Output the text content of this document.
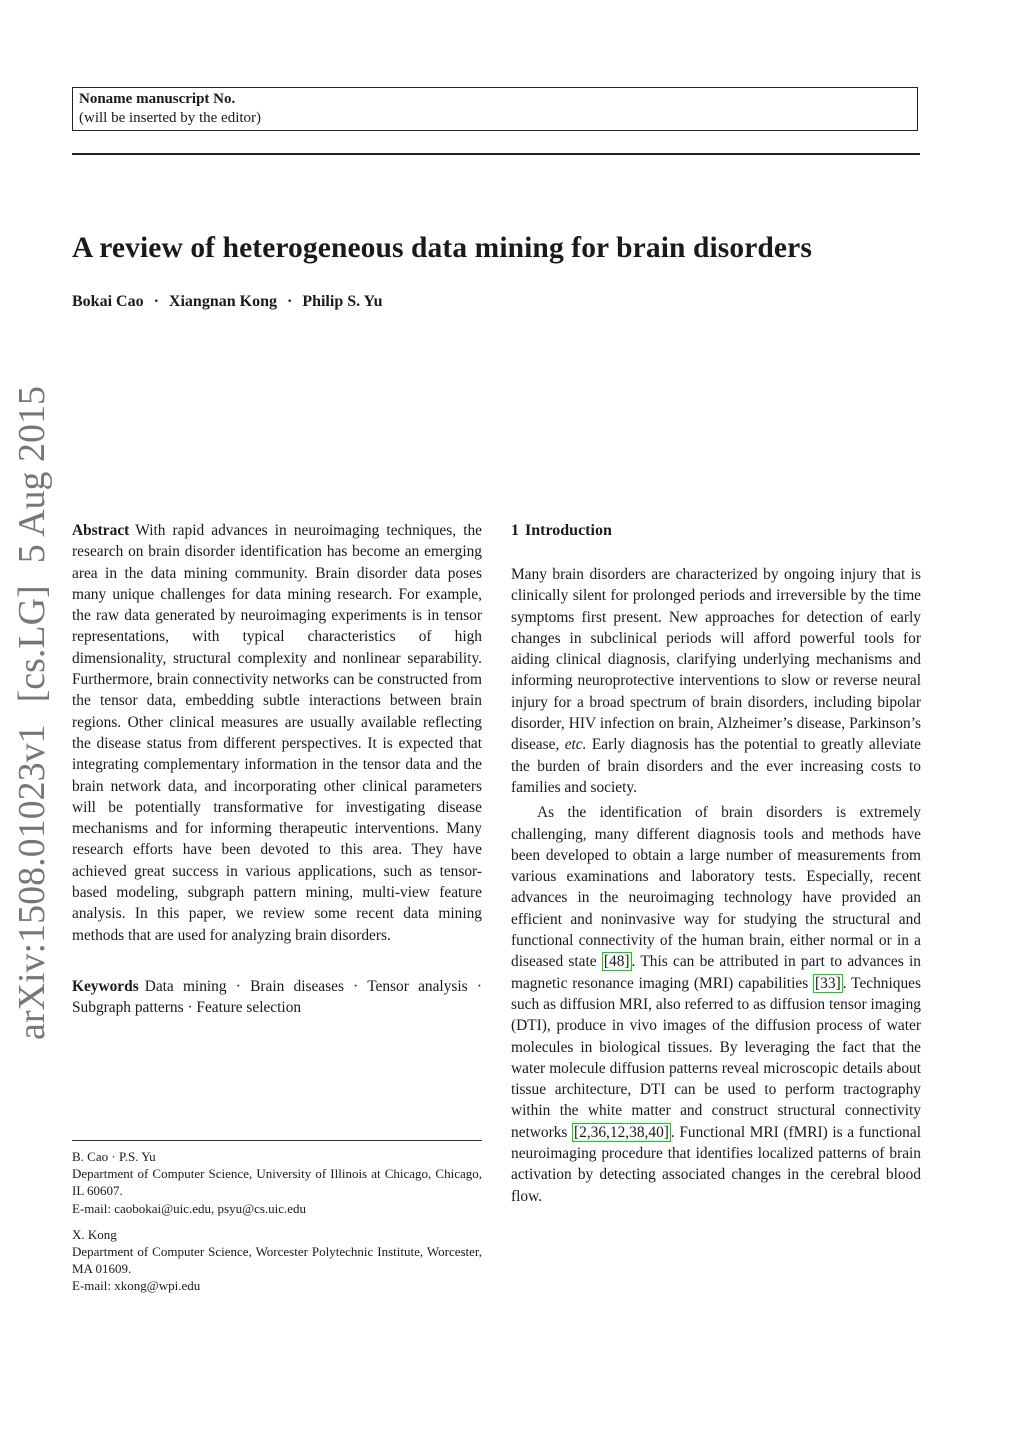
Noname manuscript No.
(will be inserted by the editor)
A review of heterogeneous data mining for brain disorders
Bokai Cao · Xiangnan Kong · Philip S. Yu
arXiv:1508.01023v1[cs.LG]5 Aug 2015 Abstract With rapid advances in neuroimaging techniques, the research on brain disorder identification has become an emerging area in the data mining community. Brain disorder data poses many unique challenges for data mining research. For example, the raw data generated by neuroimaging experiments is in tensor representations, with typical characteristics of high dimensionality, structural complexity and nonlinear separability. Furthermore, brain connectivity networks can be constructed from the tensor data, embedding subtle interactions between brain regions. Other clinical measures are usually available reflecting the disease status from different perspectives. It is expected that integrating complementary information in the tensor data and the brain network data, and incorporating other clinical parameters will be potentially transformative for investigating disease mechanisms and for informing therapeutic interventions. Many research efforts have been devoted to this area. They have achieved great success in various applications, such as tensor-based modeling, subgraph pattern mining, multi-view feature analysis. In this paper, we review some recent data mining methods that are used for analyzing brain disorders.

Keywords Data mining · Brain diseases · Tensor analysis · Subgraph patterns · Feature selection

B. Cao · P.S. Yu

Department of Computer Science, University of Illinois at Chicago, Chicago, IL 60607.

E-mail: caobokai@uic.edu, psyu@cs.uic.edu

X. Kong

Department of Computer Science, Worcester Polytechnic Institute, Worcester, MA 01609.

E-mail: xkong@wpi.edu

1 Introduction

Many brain disorders are characterized by ongoing injury that is clinically silent for prolonged periods and irreversible by the time symptoms first present. New approaches for detection of early changes in subclinical periods will afford powerful tools for aiding clinical diagnosis, clarifying underlying mechanisms and informing neuroprotective interventions to slow or reverse neural injury for a broad spectrum of brain disorders, including bipolar disorder, HIV infection on brain, Alzheimer’s disease, Parkinson’s disease, etc. Early diagnosis has the potential to greatly alleviate the burden of brain disorders and the ever increasing costs to families and society.

As the identification of brain disorders is extremely challenging, many different diagnosis tools and methods have been developed to obtain a large number of measurements from various examinations and laboratory tests. Especially, recent advances in the neuroimaging technology have provided an efficient and noninvasive way for studying the structural and functional connectivity of the human brain, either normal or in a diseased state [48] . This can be attributed in part to advances in magnetic resonance imaging (MRI) capabilities [33] . Techniques such as diffusion MRI, also referred to as diffusion tensor imaging (DTI), produce in vivo images of the diffusion process of water molecules in biological tissues. By leveraging the fact that the water molecule diffusion patterns reveal microscopic details about tissue architecture, DTI can be used to perform tractography within the white matter and construct structural connectivity networks [2,36,12,38,40] . Functional MRI (fMRI) is a functional neuroimaging procedure that identifies localized patterns of brain activation by detecting associated changes in the cerebral blood flow.
